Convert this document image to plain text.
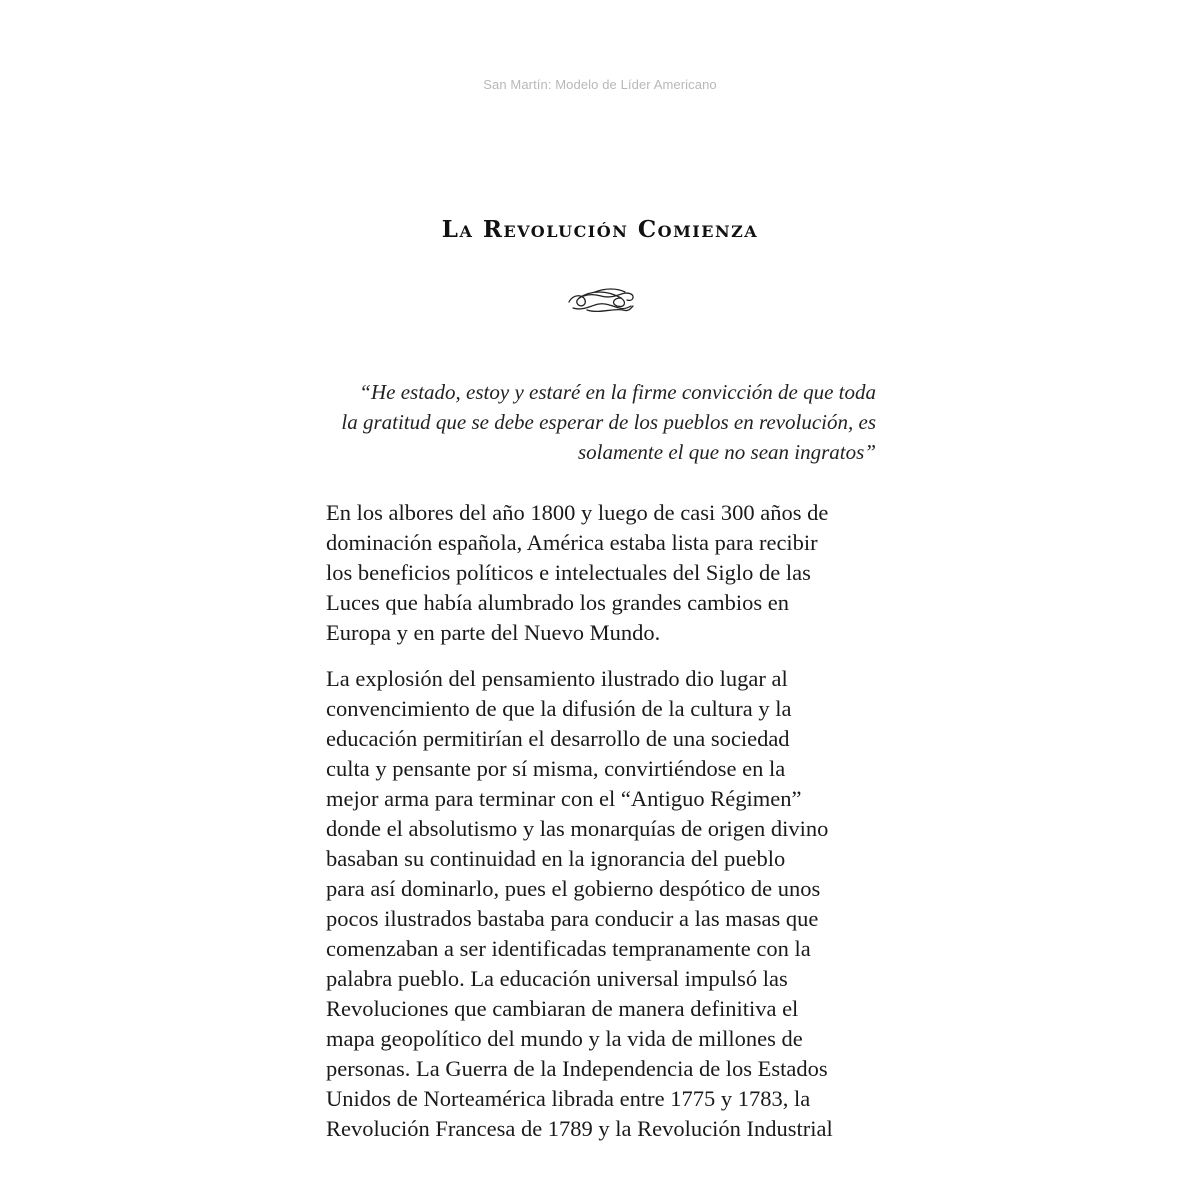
San Martín: Modelo de Líder Americano
La Revolución Comienza
“He estado, estoy y estaré en la firme convicción de que toda
la gratitud que se debe esperar de los pueblos en revolución, es
solamente el que no sean ingratos”

En los albores del año 1800 y luego de casi 300 años de
dominación española, América estaba lista para recibir
los beneficios políticos e intelectuales del Siglo de las
Luces que había alumbrado los grandes cambios en
Europa y en parte del Nuevo Mundo.

La explosión del pensamiento ilustrado dio lugar al
convencimiento de que la difusión de la cultura y la
educación permitirían el desarrollo de una sociedad
culta y pensante por sí misma, convirtiéndose en la
mejor arma para terminar con el “Antiguo Régimen”
donde el absolutismo y las monarquías de origen divino
basaban su continuidad en la ignorancia del pueblo
para así dominarlo, pues el gobierno despótico de unos
pocos ilustrados bastaba para conducir a las masas que
comenzaban a ser identificadas tempranamente con la
palabra pueblo. La educación universal impulsó las
Revoluciones que cambiaran de manera definitiva el
mapa geopolítico del mundo y la vida de millones de
personas. La Guerra de la Independencia de los Estados
Unidos de Norteamérica librada entre 1775 y 1783, la
Revolución Francesa de 1789 y la Revolución Industrial
